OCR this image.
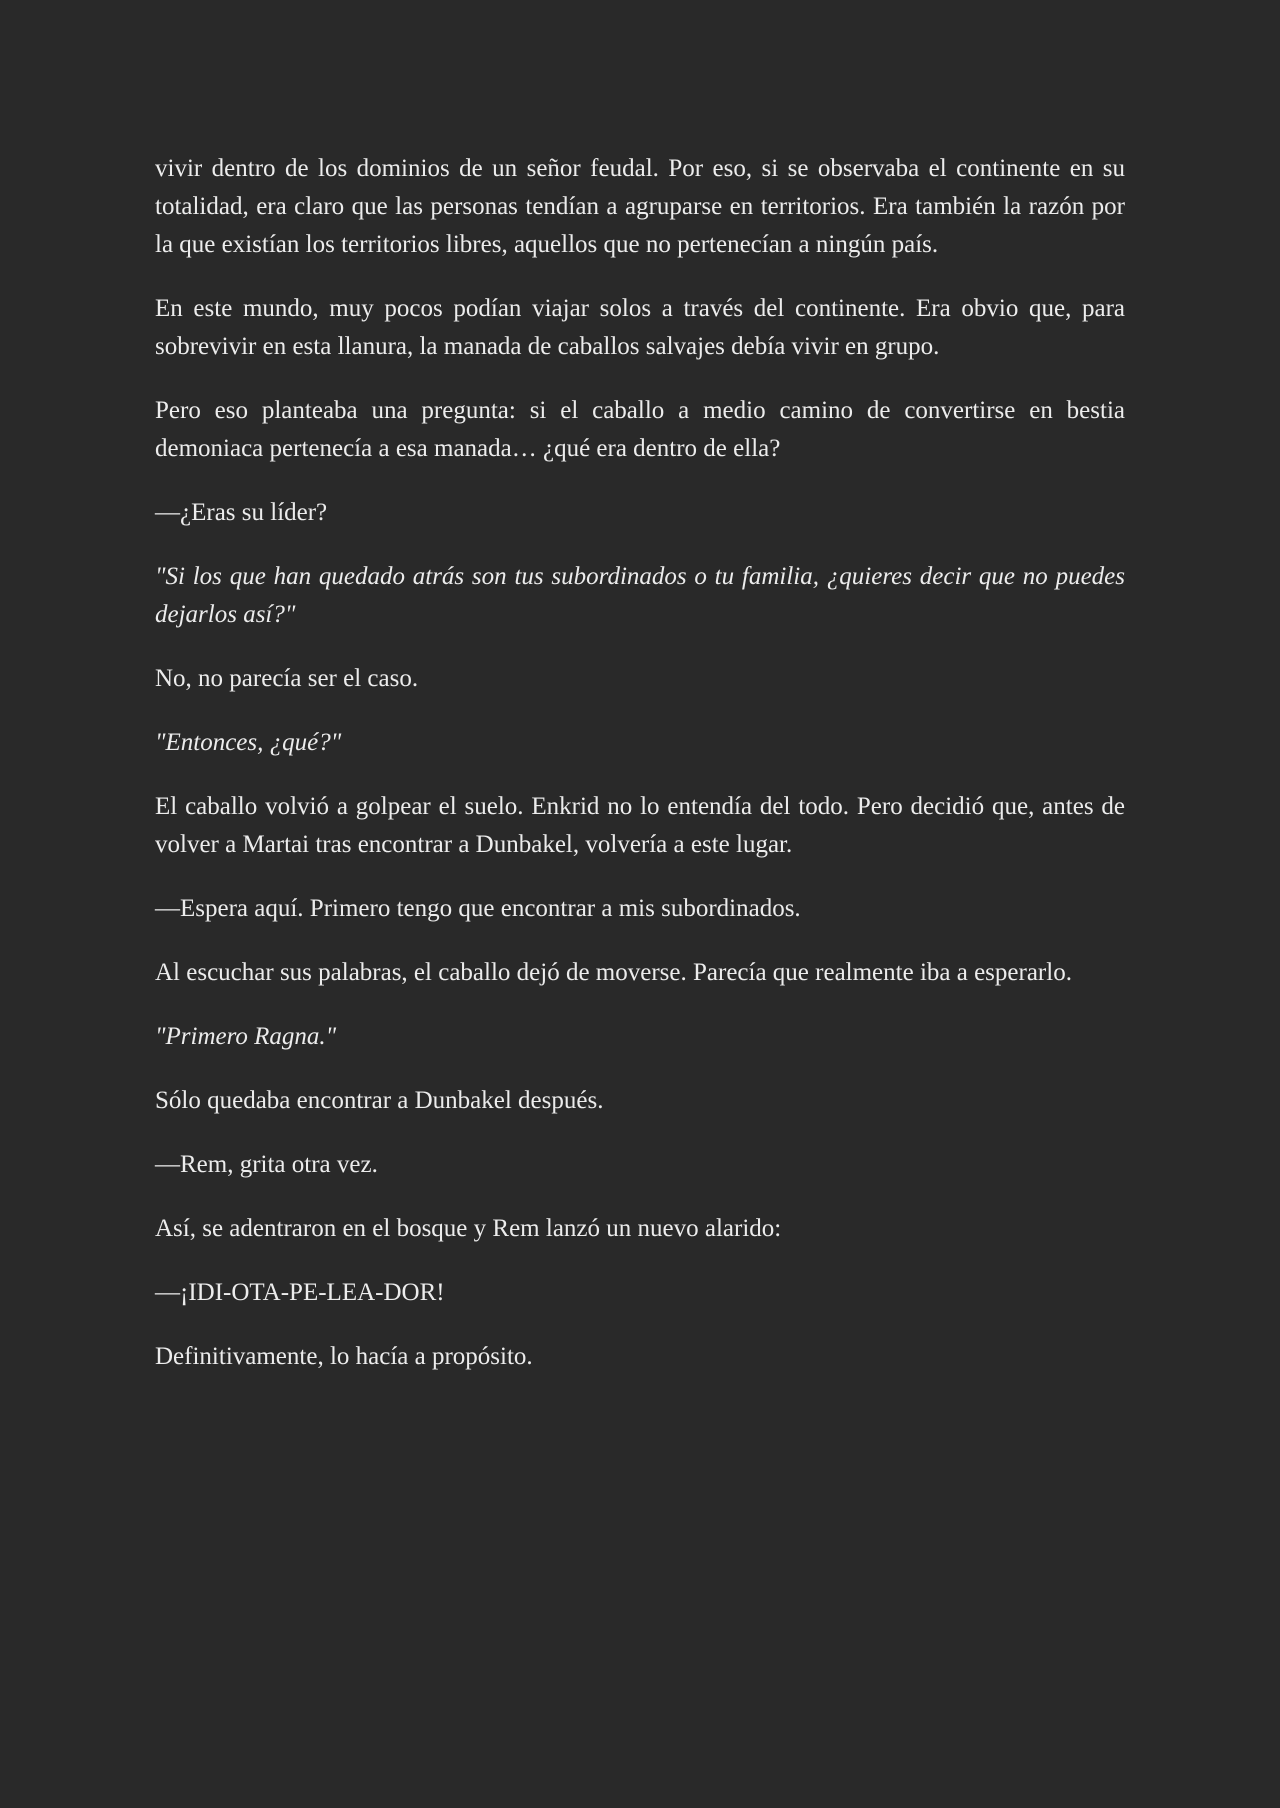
vivir dentro de los dominios de un señor feudal. Por eso, si se observaba el continente en su totalidad, era claro que las personas tendían a agruparse en territorios. Era también la razón por la que existían los territorios libres, aquellos que no pertenecían a ningún país.

En este mundo, muy pocos podían viajar solos a través del continente. Era obvio que, para sobrevivir en esta llanura, la manada de caballos salvajes debía vivir en grupo.

Pero eso planteaba una pregunta: si el caballo a medio camino de convertirse en bestia demoniaca pertenecía a esa manada… ¿qué era dentro de ella?

—¿Eras su líder?

"Si los que han quedado atrás son tus subordinados o tu familia, ¿quieres decir que no puedes dejarlos así?"

No, no parecía ser el caso.

"Entonces, ¿qué?"

El caballo volvió a golpear el suelo. Enkrid no lo entendía del todo. Pero decidió que, antes de volver a Martai tras encontrar a Dunbakel, volvería a este lugar.

—Espera aquí. Primero tengo que encontrar a mis subordinados.

Al escuchar sus palabras, el caballo dejó de moverse. Parecía que realmente iba a esperarlo.

"Primero Ragna."

Sólo quedaba encontrar a Dunbakel después.

—Rem, grita otra vez.

Así, se adentraron en el bosque y Rem lanzó un nuevo alarido:

—¡IDI-OTA-PE-LEA-DOR!

Definitivamente, lo hacía a propósito.
